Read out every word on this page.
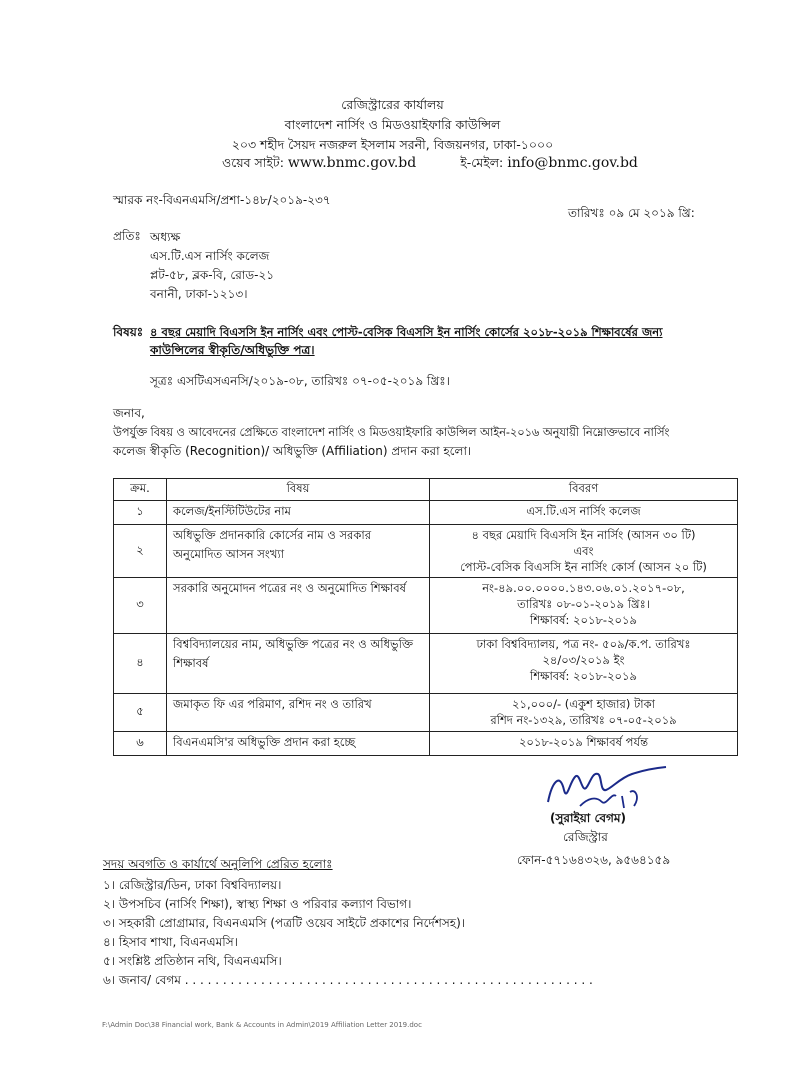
রেজিস্ট্রারের কার্যালয়
বাংলাদেশ নার্সিং ও মিডওয়াইফারি কাউন্সিল
২০৩ শহীদ সৈয়দ নজরুল ইসলাম সরনী, বিজয়নগর, ঢাকা-১০০০
ওয়েব সাইট: www.bnmc.gov.bd	ই-মেইল: info@bnmc.gov.bd
স্মারক নং-বিএনএমসি/প্রশা-১৪৮/২০১৯-২৩৭
তারিখঃ ০৯ মে ২০১৯ খ্রি:
প্রতিঃ অধ্যক্ষ
এস.টি.এস নার্সিং কলেজ
প্লট-৫৮, ব্লক-বি, রোড-২১
বনানী, ঢাকা-১২১৩।
বিষয়ঃ ৪ বছর মেয়াদি বিএসসি ইন নার্সিং এবং পোস্ট-বেসিক বিএসসি ইন নার্সিং কোর্সের ২০১৮-২০১৯ শিক্ষাবর্ষের জন্য
কাউন্সিলের স্বীকৃতি/অধিভুক্তি পত্র।
সূত্রঃ এসটিএসএনসি/২০১৯-০৮, তারিখঃ ০৭-০৫-২০১৯ খ্রিঃ।
জনাব,
উপর্যুক্ত বিষয় ও আবেদনের প্রেক্ষিতে বাংলাদেশ নার্সিং ও মিডওয়াইফারি কাউন্সিল আইন-২০১৬ অনুযায়ী নিম্নোক্তভাবে নার্সিং
কলেজ স্বীকৃতি (Recognition)/ অধিভুক্তি (Affiliation) প্রদান করা হলো।
ক্রম.	বিষয়	বিবরণ
১	কলেজ/ইনস্টিটিউটের নাম	এস.টি.এস নার্সিং কলেজ

২	অধিভুক্তি প্রদানকারি কোর্সের নাম ও সরকার অনুমোদিত আসন সংখ্যা	৪ বছর মেয়াদি বিএসসি ইন নার্সিং (আসন ৩০ টি)
এবং
পোস্ট-বেসিক বিএসসি ইন নার্সিং কোর্স (আসন ২০ টি)

৩	সরকারি অনুমোদন পত্রের নং ও অনুমোদিত শিক্ষাবর্ষ	নং-৪৯.০০.০০০০.১৪৩.০৬.০১.২০১৭-০৮,
তারিখঃ ০৮-০১-২০১৯ খ্রিঃ।
শিক্ষাবর্ষ: ২০১৮-২০১৯

৪	বিশ্ববিদ্যালয়ের নাম, অধিভুক্তি পত্রের নং ও অধিভুক্তি শিক্ষাবর্ষ	ঢাকা বিশ্ববিদ্যালয়, পত্র নং- ৫০৯/ক.প. তারিখঃ
২৪/০৩/২০১৯ ইং
শিক্ষাবর্ষ: ২০১৮-২০১৯

৫	জমাকৃত ফি এর পরিমাণ, রশিদ নং ও তারিখ	২১,০০০/- (একুশ হাজার) টাকা
রশিদ নং-১৩২৯, তারিখঃ ০৭-০৫-২০১৯

৬	বিএনএমসি'র অধিভুক্তি প্রদান করা হচ্ছে	২০১৮-২০১৯ শিক্ষাবর্ষ পর্যন্ত
(সুরাইয়া বেগম)
রেজিস্ট্রার
ফোন-৫৭১৬৪৩২৬, ৯৫৬৪১৫৯
সদয় অবগতি ও কার্যার্থে অনুলিপি প্রেরিত হলোঃ
১। রেজিস্ট্রার/ডিন, ঢাকা বিশ্ববিদ্যালয়।
২। উপসচিব (নার্সিং শিক্ষা), স্বাস্থ্য শিক্ষা ও পরিবার কল্যাণ বিভাগ।
৩। সহকারী প্রোগ্রামার, বিএনএমসি (পত্রটি ওয়েব সাইটে প্রকাশের নির্দেশসহ)।
৪। হিসাব শাখা, বিএনএমসি।
৫। সংশ্লিষ্ট প্রতিষ্ঠান নথি, বিএনএমসি।
৬। জনাব/ বেগম . . . . . . . . . . . . . . . . . . . . . . . . . . . . . . . . . . . . . . . . . . . . . . . . . . . . . .
F:\Admin Doc\38 Financial work, Bank & Accounts in Admin\2019 Affiliation Letter 2019.doc
